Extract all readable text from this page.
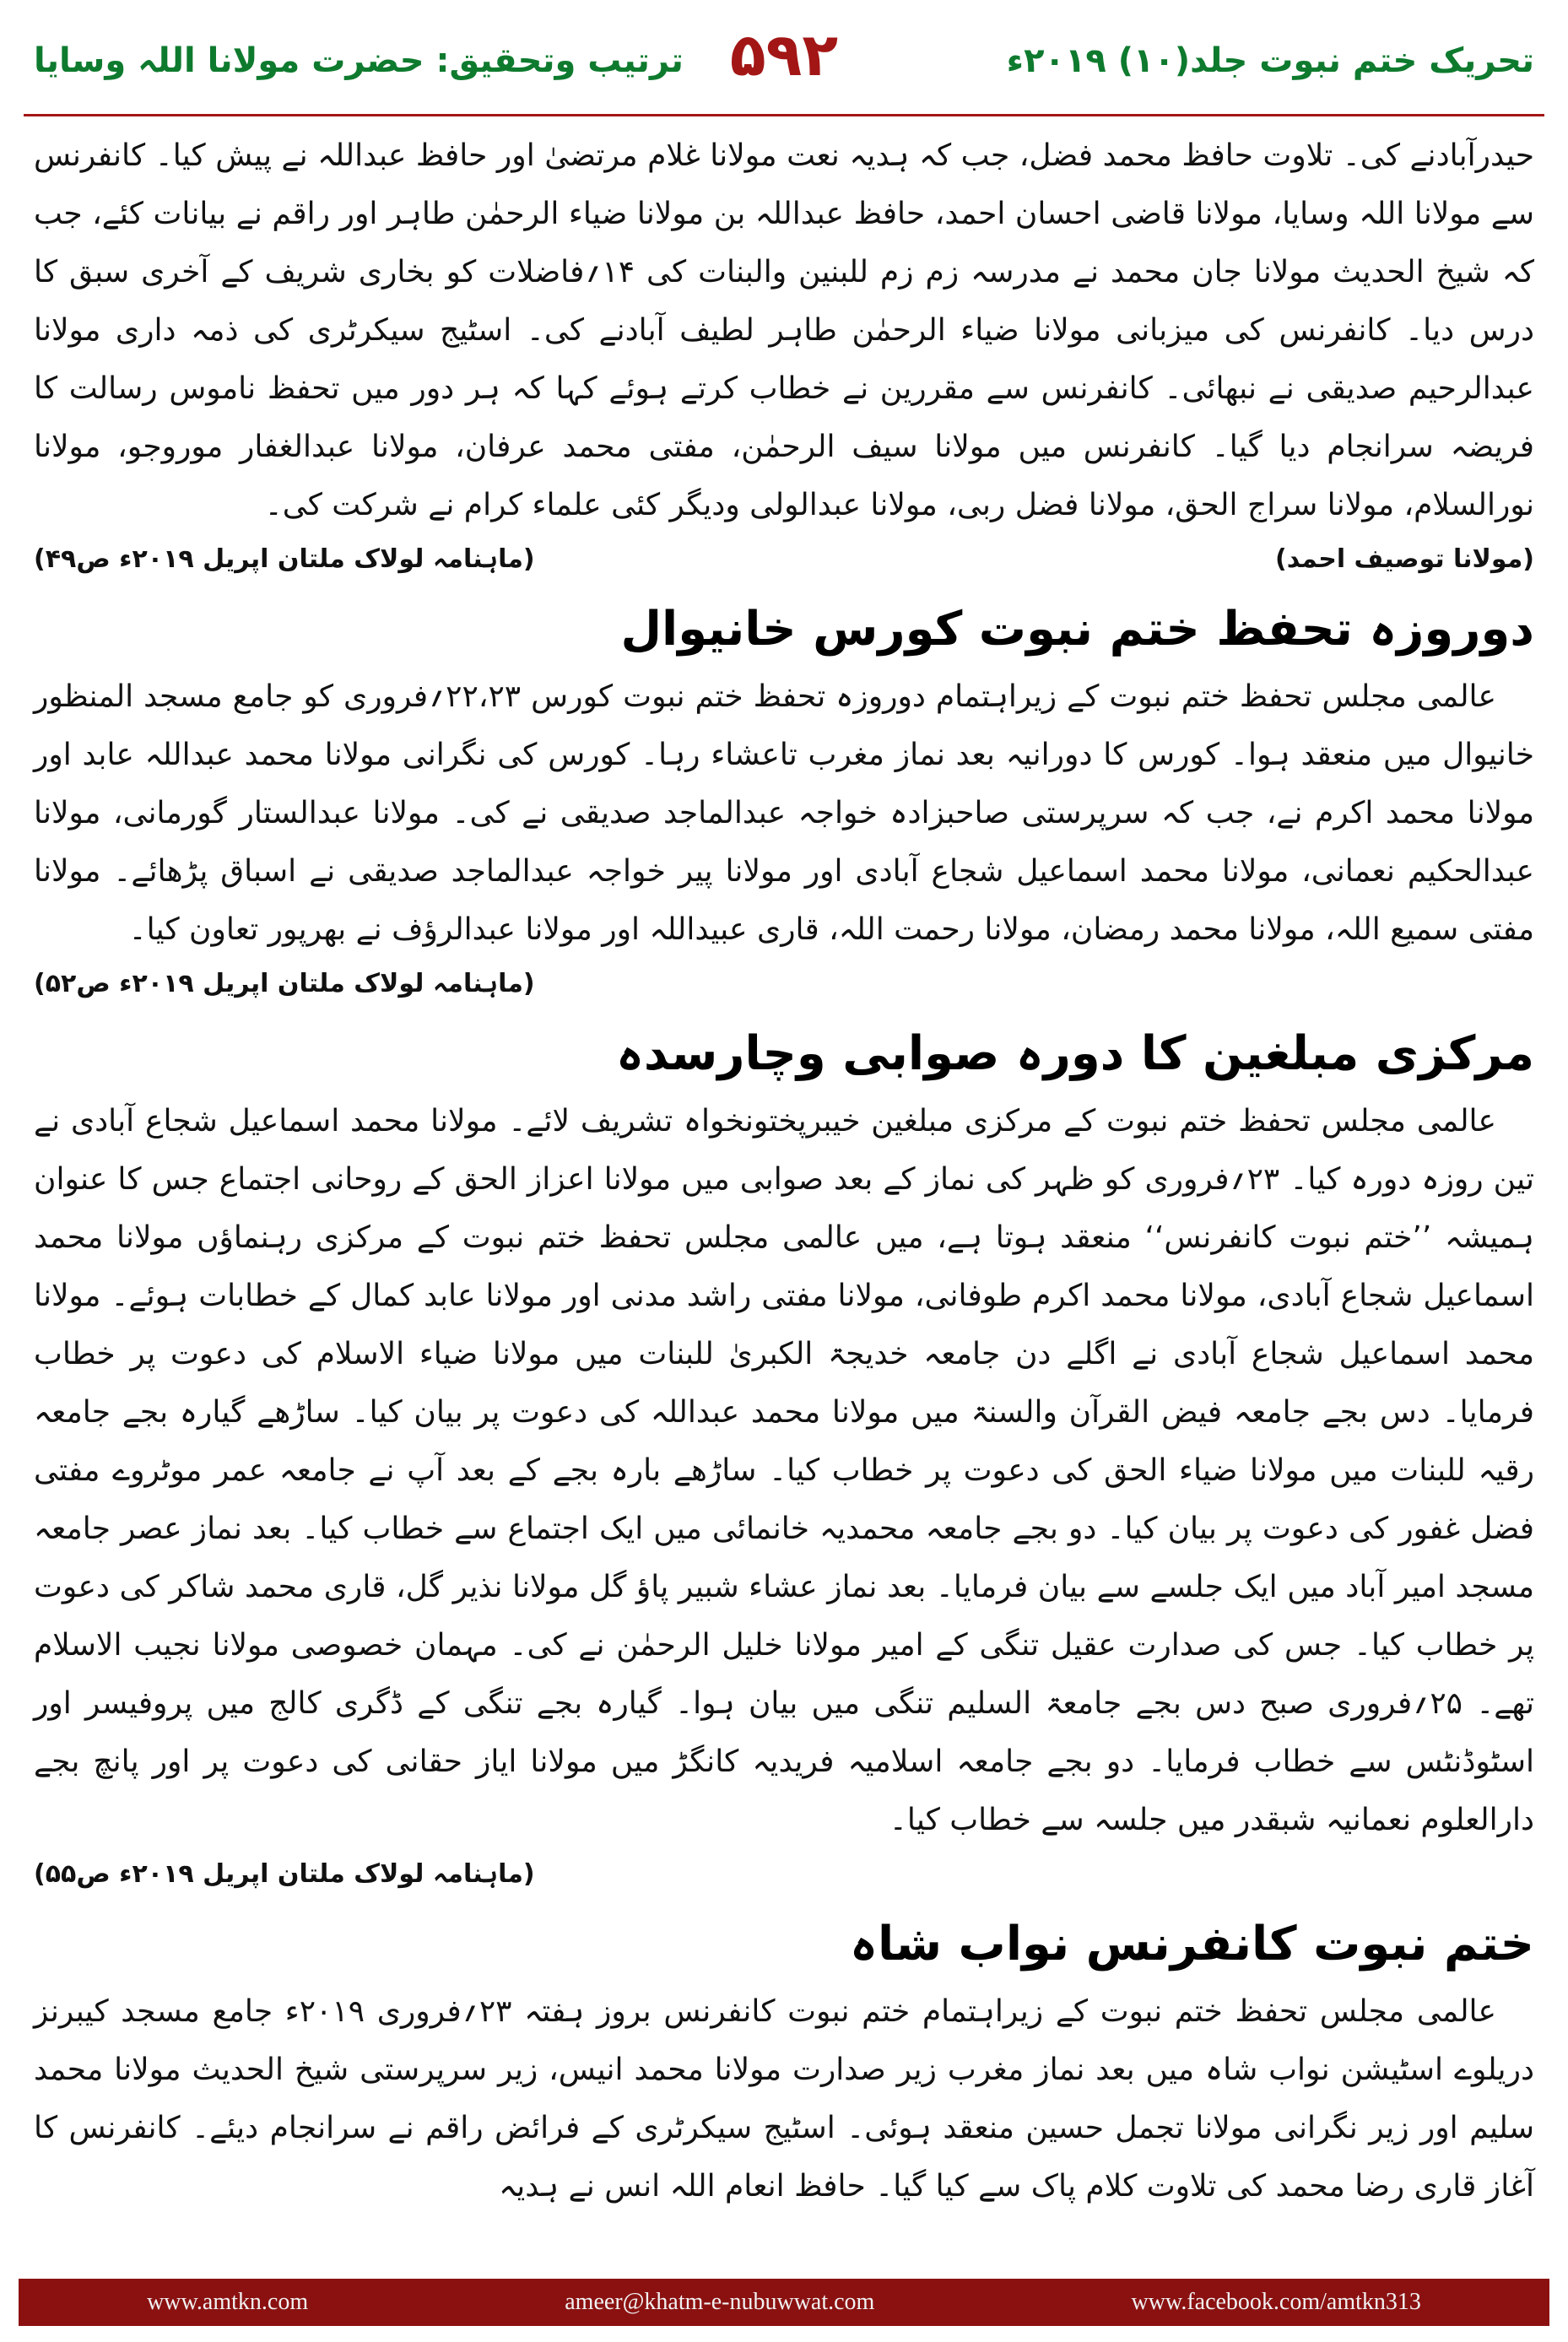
تحریک ختم نبوت جلد(۱۰) ۲۰۱۹ء
۵۹۲
ترتیب وتحقیق: حضرت مولانا اللہ وسایا

حیدرآبادنے کی۔ تلاوت حافظ محمد فضل، جب کہ ہدیہ نعت مولانا غلام مرتضیٰ اور حافظ عبداللہ نے پیش کیا۔ کانفرنس سے مولانا اللہ وسایا، مولانا قاضی احسان احمد، حافظ عبداللہ بن مولانا ضیاء الرحمٰن طاہر اور راقم نے بیانات کئے، جب کہ شیخ الحدیث مولانا جان محمد نے مدرسہ زم زم للبنین والبنات کی ۱۴؍فاضلات کو بخاری شریف کے آخری سبق کا درس دیا۔ کانفرنس کی میزبانی مولانا ضیاء الرحمٰن طاہر لطیف آبادنے کی۔ اسٹیج سیکرٹری کی ذمہ داری مولانا عبدالرحیم صدیقی نے نبھائی۔ کانفرنس سے مقررین نے خطاب کرتے ہوئے کہا کہ ہر دور میں تحفظ ناموس رسالت کا فریضہ سرانجام دیا گیا۔ کانفرنس میں مولانا سیف الرحمٰن، مفتی محمد عرفان، مولانا عبدالغفار موروجو، مولانا نورالسلام، مولانا سراج الحق، مولانا فضل ربی، مولانا عبدالولی ودیگر کئی علماء کرام نے شرکت کی۔

(مولانا توصیف احمد)
(ماہنامہ لولاک ملتان اپریل ۲۰۱۹ء ص۴۹)
دوروزہ تحفظ ختم نبوت کورس خانیوال

عالمی مجلس تحفظ ختم نبوت کے زیراہتمام دوروزہ تحفظ ختم نبوت کورس ۲۲،۲۳؍فروری کو جامع مسجد المنظور خانیوال میں منعقد ہوا۔ کورس کا دورانیہ بعد نماز مغرب تاعشاء رہا۔ کورس کی نگرانی مولانا محمد عبداللہ عابد اور مولانا محمد اکرم نے، جب کہ سرپرستی صاحبزادہ خواجہ عبدالماجد صدیقی نے کی۔ مولانا عبدالستار گورمانی، مولانا عبدالحکیم نعمانی، مولانا محمد اسماعیل شجاع آبادی اور مولانا پیر خواجہ عبدالماجد صدیقی نے اسباق پڑھائے۔ مولانا مفتی سمیع اللہ، مولانا محمد رمضان، مولانا رحمت اللہ، قاری عبیداللہ اور مولانا عبدالرؤف نے بھرپور تعاون کیا۔

(ماہنامہ لولاک ملتان اپریل ۲۰۱۹ء ص۵۲)
مرکزی مبلغین کا دورہ صوابی وچارسدہ

عالمی مجلس تحفظ ختم نبوت کے مرکزی مبلغین خیبرپختونخواہ تشریف لائے۔ مولانا محمد اسماعیل شجاع آبادی نے تین روزہ دورہ کیا۔ ۲۳؍فروری کو ظہر کی نماز کے بعد صوابی میں مولانا اعزاز الحق کے روحانی اجتماع جس کا عنوان ہمیشہ ’’ختم نبوت کانفرنس‘‘ منعقد ہوتا ہے، میں عالمی مجلس تحفظ ختم نبوت کے مرکزی رہنماؤں مولانا محمد اسماعیل شجاع آبادی، مولانا محمد اکرم طوفانی، مولانا مفتی راشد مدنی اور مولانا عابد کمال کے خطابات ہوئے۔ مولانا محمد اسماعیل شجاع آبادی نے اگلے دن جامعہ خدیجۃ الکبریٰ للبنات میں مولانا ضیاء الاسلام کی دعوت پر خطاب فرمایا۔ دس بجے جامعہ فیض القرآن والسنۃ میں مولانا محمد عبداللہ کی دعوت پر بیان کیا۔ ساڑھے گیارہ بجے جامعہ رقیہ للبنات میں مولانا ضیاء الحق کی دعوت پر خطاب کیا۔ ساڑھے بارہ بجے کے بعد آپ نے جامعہ عمر موٹروے مفتی فضل غفور کی دعوت پر بیان کیا۔ دو بجے جامعہ محمدیہ خانمائی میں ایک اجتماع سے خطاب کیا۔ بعد نماز عصر جامعہ مسجد امیر آباد میں ایک جلسے سے بیان فرمایا۔ بعد نماز عشاء شبیر پاؤ گل مولانا نذیر گل، قاری محمد شاکر کی دعوت پر خطاب کیا۔ جس کی صدارت عقیل تنگی کے امیر مولانا خلیل الرحمٰن نے کی۔ مہمان خصوصی مولانا نجیب الاسلام تھے۔ ۲۵؍فروری صبح دس بجے جامعۃ السلیم تنگی میں بیان ہوا۔ گیارہ بجے تنگی کے ڈگری کالج میں پروفیسر اور اسٹوڈنٹس سے خطاب فرمایا۔ دو بجے جامعہ اسلامیہ فریدیہ کانگڑ میں مولانا ایاز حقانی کی دعوت پر اور پانچ بجے دارالعلوم نعمانیہ شبقدر میں جلسہ سے خطاب کیا۔

(ماہنامہ لولاک ملتان اپریل ۲۰۱۹ء ص۵۵)
ختم نبوت کانفرنس نواب شاہ

عالمی مجلس تحفظ ختم نبوت کے زیراہتمام ختم نبوت کانفرنس بروز ہفتہ ۲۳؍فروری ۲۰۱۹ء جامع مسجد کیبرنز دریلوے اسٹیشن نواب شاہ میں بعد نماز مغرب زیر صدارت مولانا محمد انیس، زیر سرپرستی شیخ الحدیث مولانا محمد سلیم اور زیر نگرانی مولانا تجمل حسین منعقد ہوئی۔ اسٹیج سیکرٹری کے فرائض راقم نے سرانجام دیئے۔ کانفرنس کا آغاز قاری رضا محمد کی تلاوت کلام پاک سے کیا گیا۔ حافظ انعام اللہ انس نے ہدیہ

www.amtkn.com	ameer@khatm-e-nubuwwat.com	www.facebook.com/amtkn313
